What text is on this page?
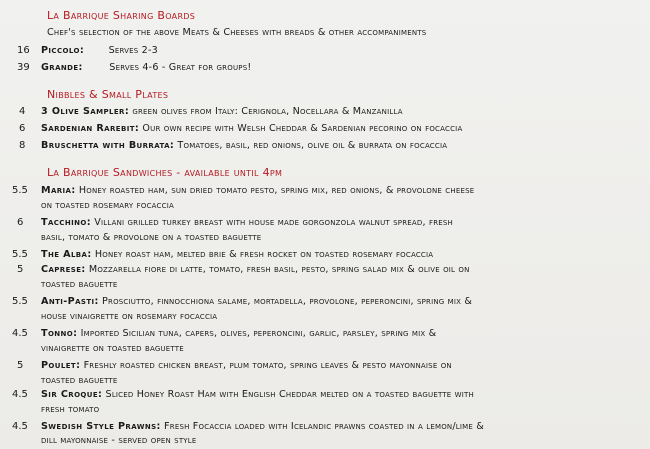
La Barrique Sharing Boards
Chef's selection of the above Meats & Cheeses with breads & other accompaniments
16 Piccolo:	Serves 2-3
39 Grande:	Serves 4-6 - Great for groups!
Nibbles & Small Plates
4 3 Olive Sampler: green olives from Italy: Cerignola, Nocellara & Manzanilla
6 Sardenian Rarebit: Our own recipe with Welsh Cheddar & Sardenian pecorino on focaccia
8 Bruschetta with Burrata: Tomatoes, basil, red onions, olive oil & burrata on focaccia
La Barrique Sandwiches - available until 4pm
5.5 Maria: Honey roasted ham, sun dried tomato pesto, spring mix, red onions, & provolone cheese
on toasted rosemary focaccia
6 Tacchino: Villani grilled turkey breast with house made gorgonzola walnut spread, fresh
basil, tomato & provolone on a toasted baguette
5.5 The Alba: Honey roast ham, melted brie & fresh rocket on toasted rosemary focaccia
5 Caprese: Mozzarella fiore di latte, tomato, fresh basil, pesto, spring salad mix & olive oil on
toasted baguette
5.5 Anti-Pasti: Prosciutto, finnocchiona salame, mortadella, provolone, peperoncini, spring mix &
house vinaigrette on rosemary focaccia
4.5 Tonno: Imported Sicilian tuna, capers, olives, peperoncini, garlic, parsley, spring mix &
vinaigrette on toasted baguette
5 Poulet: Freshly roasted chicken breast, plum tomato, spring leaves & pesto mayonnaise on
toasted baguette
4.5 Sir Croque: Sliced Honey Roast Ham with English Cheddar melted on a toasted baguette with
fresh tomato
4.5 Swedish Style Prawns: Fresh Focaccia loaded with Icelandic prawns coasted in a lemon/lime &
dill mayonnaise - served open style
